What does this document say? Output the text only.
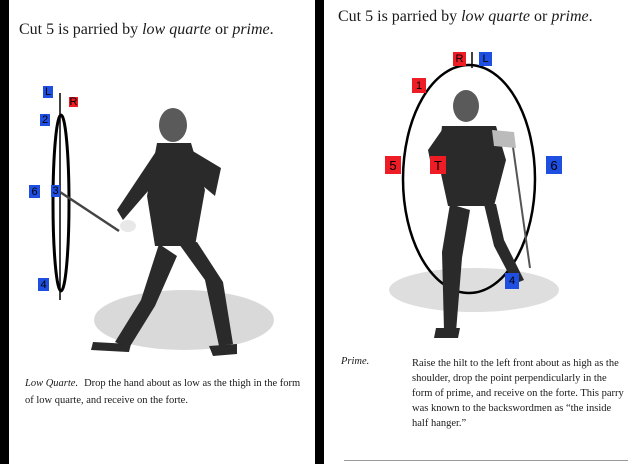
Cut 5 is parried by low quarte or prime.
L
R
2
6 3
4
Low Quarte. Drop the hand about as low as the thigh in the form of low quarte, and receive on the forte.
Cut 5 is parried by low quarte or prime.
R	L
1
5	T	6
4
Prime.	Raise the hilt to the left front about as high as the shoulder, drop the point perpendicularly in the form of prime, and receive on the forte. This parry was known to the backswordmen as “the inside half hanger.”
